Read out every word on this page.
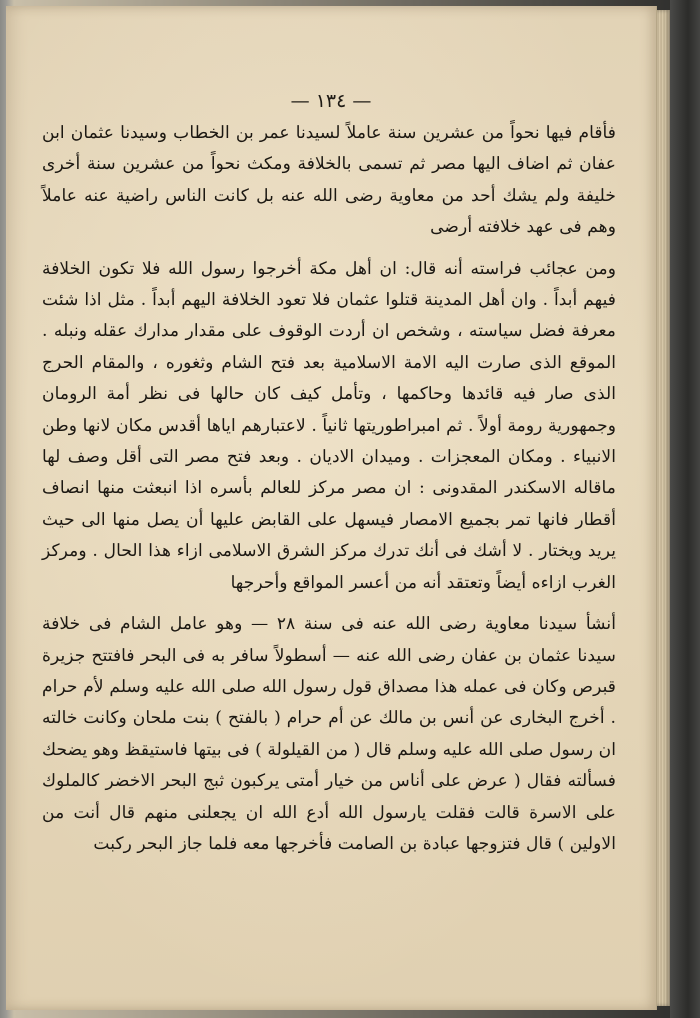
— ١٣٤ —

فأقام فيها نحواً من عشرين سنة عاملاً لسيدنا عمر بن الخطاب وسيدنا عثمان ابن عفان ثم اضاف اليها مصر ثم تسمى بالخلافة ومكث نحواً من عشرين سنة أخرى خليفة ولم يشك أحد من معاوية رضى الله عنه بل كانت الناس راضية عنه عاملاً وهم فى عهد خلافته أرضى

ومن عجائب فراسته أنه قال: ان أهل مكة أخرجوا رسول الله فلا تكون الخلافة فيهم أبداً . وان أهل المدينة قتلوا عثمان فلا تعود الخلافة اليهم أبداً . مثل اذا شئت معرفة فضل سياسته ، وشخص ان أردت الوقوف على مقدار مدارك عقله ونبله . الموقع الذى صارت اليه الامة الاسلامية بعد فتح الشام وثغوره ، والمقام الحرج الذى صار فيه قائدها وحاكمها ، وتأمل كيف كان حالها فى نظر أمة الرومان وجمهورية رومة أولاً . ثم امبراطوريتها ثانياً . لاعتبارهم اياها أقدس مكان لانها وطن الانبياء . ومكان المعجزات . وميدان الاديان . وبعد فتح مصر التى أقل وصف لها ماقاله الاسكندر المقدونى : ان مصر مركز للعالم بأسره اذا انبعثت منها انصاف أقطار فانها تمر بجميع الامصار فيسهل على القابض عليها أن يصل منها الى حيث يريد ويختار . لا أشك فى أنك تدرك مركز الشرق الاسلامى ازاء هذا الحال . ومركز الغرب ازاءه أيضاً وتعتقد أنه من أعسر المواقع وأحرجها

أنشأ سيدنا معاوية رضى الله عنه فى سنة ٢٨ — وهو عامل الشام فى خلافة سيدنا عثمان بن عفان رضى الله عنه — أسطولاً سافر به فى البحر فافتتح جزيرة قبرص وكان فى عمله هذا مصداق قول رسول الله صلى الله عليه وسلم لأم حرام . أخرج البخارى عن أنس بن مالك عن أم حرام ( بالفتح ) بنت ملحان وكانت خالته ان رسول صلى الله عليه وسلم قال ( من القيلولة ) فى بيتها فاستيقظ وهو يضحك فسألته فقال ( عرض على أناس من خيار أمتى يركبون ثبج البحر الاخضر كالملوك على الاسرة قالت فقلت يارسول الله أدع الله ان يجعلنى منهم قال أنت من الاولين ) قال فتزوجها عبادة بن الصامت فأخرجها معه فلما جاز البحر ركبت
